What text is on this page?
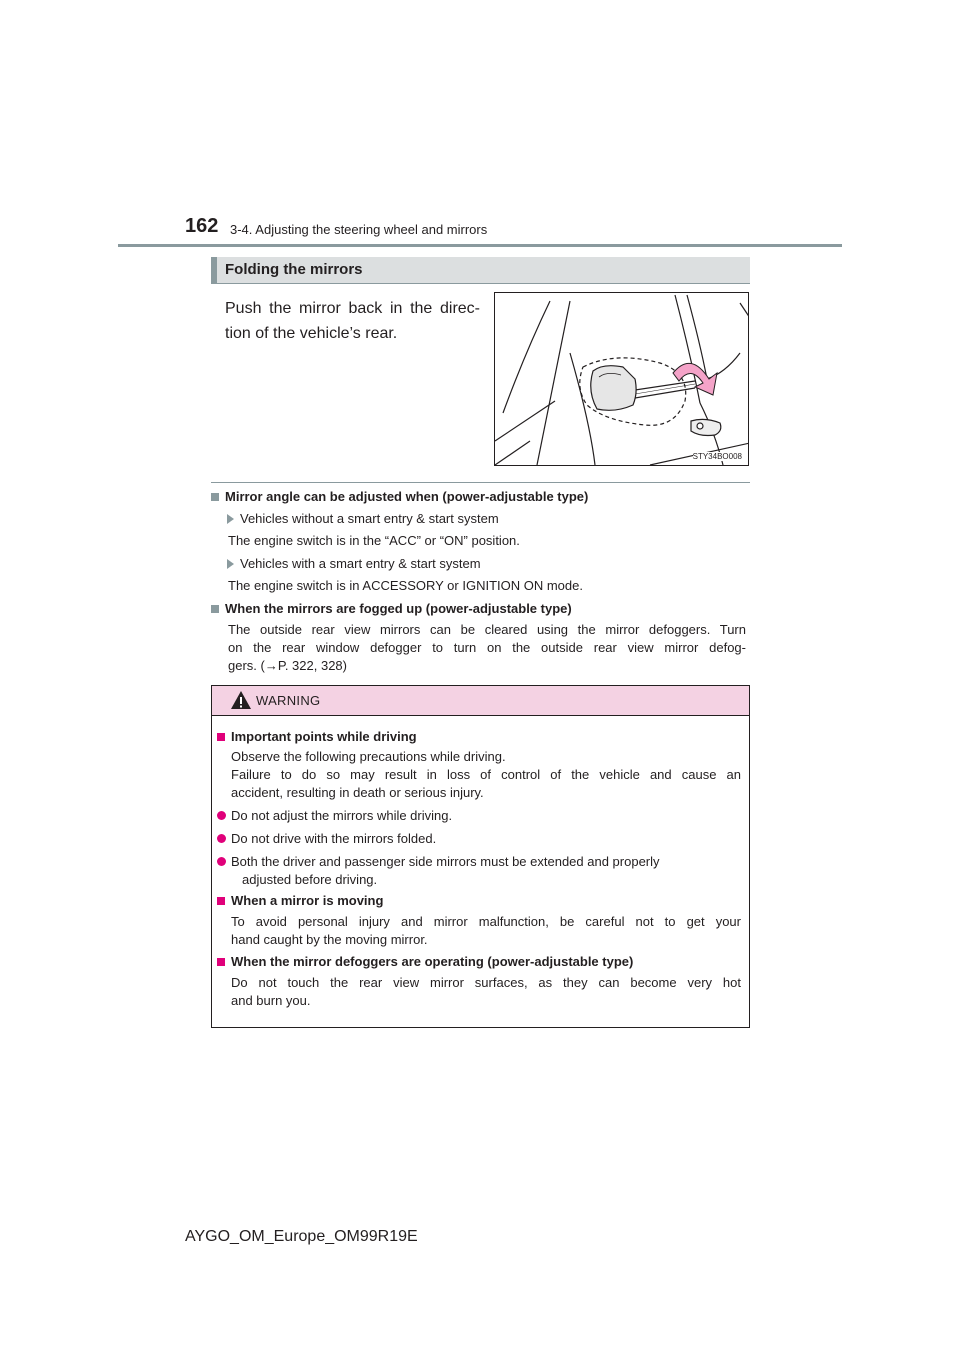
162 3-4. Adjusting the steering wheel and mirrors
Folding the mirrors
Push the mirror back in the direc-
tion of the vehicle’s rear.
STY34BO008
Mirror angle can be adjusted when (power-adjustable type)
Vehicles without a smart entry & start system
The engine switch is in the “ACC” or “ON” position.
Vehicles with a smart entry & start system
The engine switch is in ACCESSORY or IGNITION ON mode.
When the mirrors are fogged up (power-adjustable type)
The outside rear view mirrors can be cleared using the mirror defoggers. Turn
on the rear window defogger to turn on the outside rear view mirror defog-
gers. (→P. 322, 328)
WARNING
Important points while driving
Observe the following precautions while driving.
Failure to do so may result in loss of control of the vehicle and cause an
accident, resulting in death or serious injury.
Do not adjust the mirrors while driving.
Do not drive with the mirrors folded.
Both the driver and passenger side mirrors must be extended and properly
adjusted before driving.
When a mirror is moving
To avoid personal injury and mirror malfunction, be careful not to get your
hand caught by the moving mirror.
When the mirror defoggers are operating (power-adjustable type)
Do not touch the rear view mirror surfaces, as they can become very hot
and burn you.
AYGO_OM_Europe_OM99R19E
